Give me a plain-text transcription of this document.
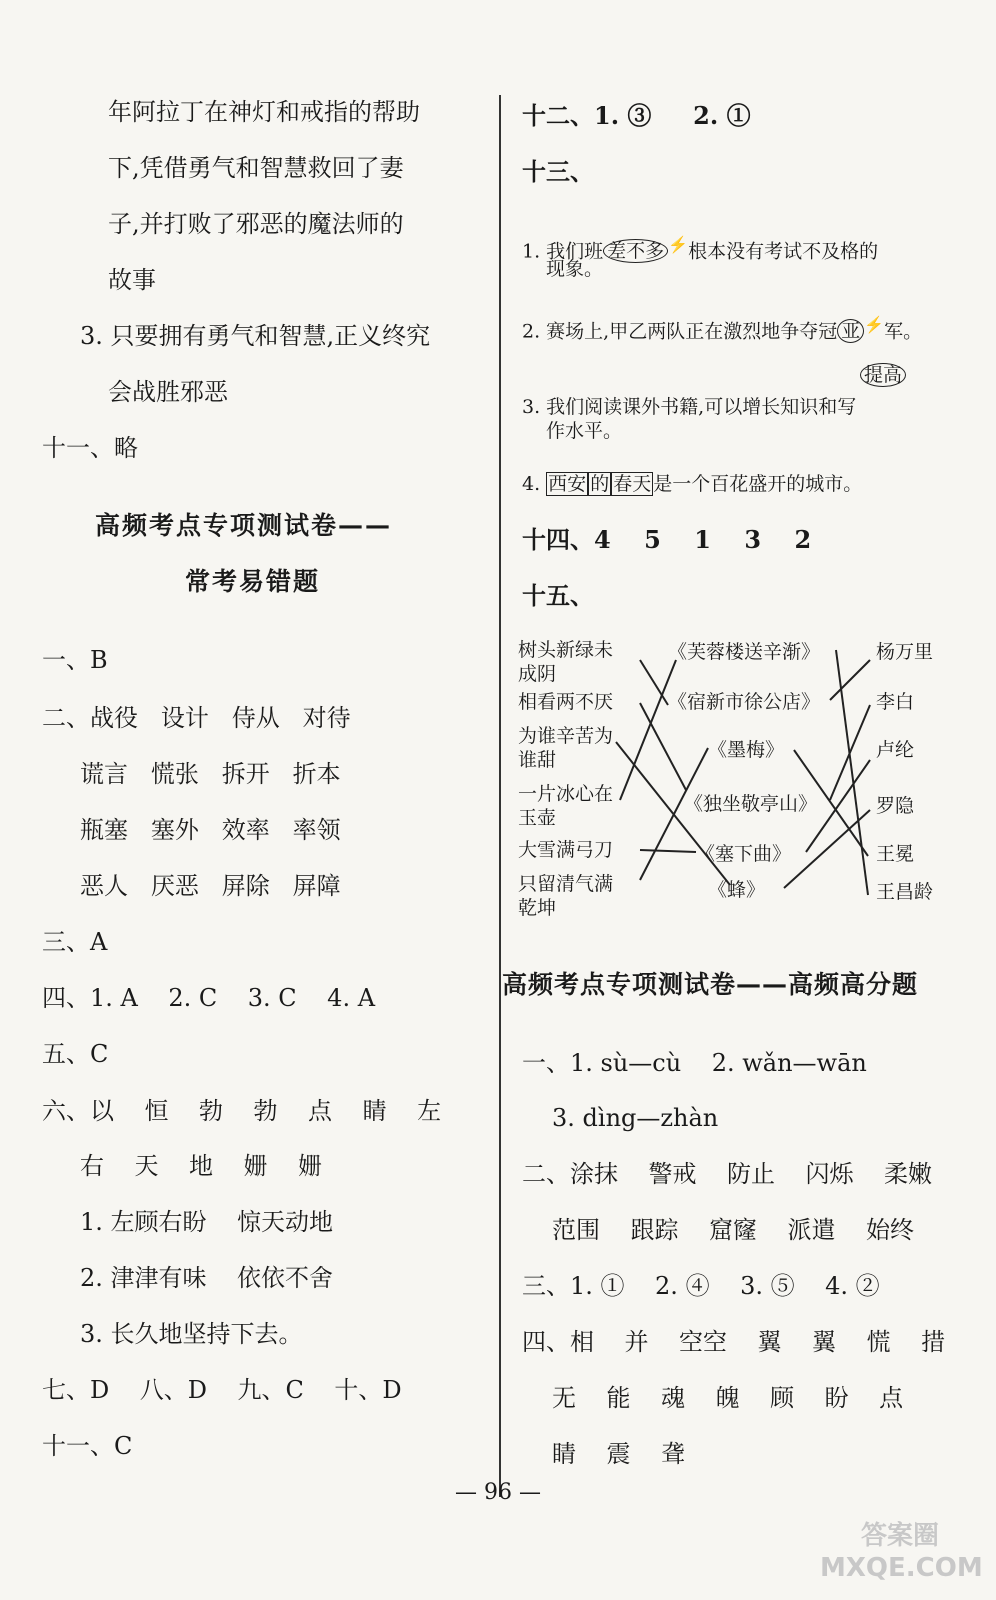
年阿拉丁在神灯和戒指的帮助
下,凭借勇气和智慧救回了妻
子,并打败了邪恶的魔法师的
故事
3. 只要拥有勇气和智慧,正义终究
会战胜邪恶
十一、略
高频考点专项测试卷——
常考易错题
一、B
二、战役   设计   侍从   对待
谎言   慌张   拆开   折本
瓶塞   塞外   效率   率领
恶人   厌恶   屏除   屏障
三、A
四、1. A    2. C    3. C    4. A
五、C
六、以    恒    勃    勃    点    睛    左
右    天    地    姗    姗
1. 左顾右盼    惊天动地
2. 津津有味    依依不舍
3. 长久地坚持下去。
七、D    八、D    九、C    十、D
十一、C
十二、1. ③     2. ①
十三、
1. 我们班 差不多 ⚡根本没有考试不及格的
现象。
2. 赛场上,甲乙两队正在激烈地争夺冠 亚 ⚡军。
提高
3. 我们阅读课外书籍,可以增长知识和写
作水平。
4. 西安 的 春天 是一个百花盛开的城市。
十四、4    5    1    3    2
十五、
树头新绿未
成阴
相看两不厌
为谁辛苦为
谁甜
一片冰心在
玉壶
大雪满弓刀
只留清气满
乾坤
《芙蓉楼送辛渐》
《宿新市徐公店》
《墨梅》
《独坐敬亭山》
《塞下曲》
《蜂》
杨万里
李白
卢纶
罗隐
王冕
王昌龄
高频考点专项测试卷——高频高分题
一、1. sù—cù    2. wǎn—wān
3. dìng—zhàn
二、涂抹    警戒    防止    闪烁    柔嫩
范围    跟踪    窟窿    派遣    始终
三、1. ①    2. ④    3. ⑤    4. ②
四、相    并    空空    翼    翼    慌    措
无    能    魂    魄    顾    盼    点
睛    震    聋
— 96 —
答案圈
MXQE.COM
